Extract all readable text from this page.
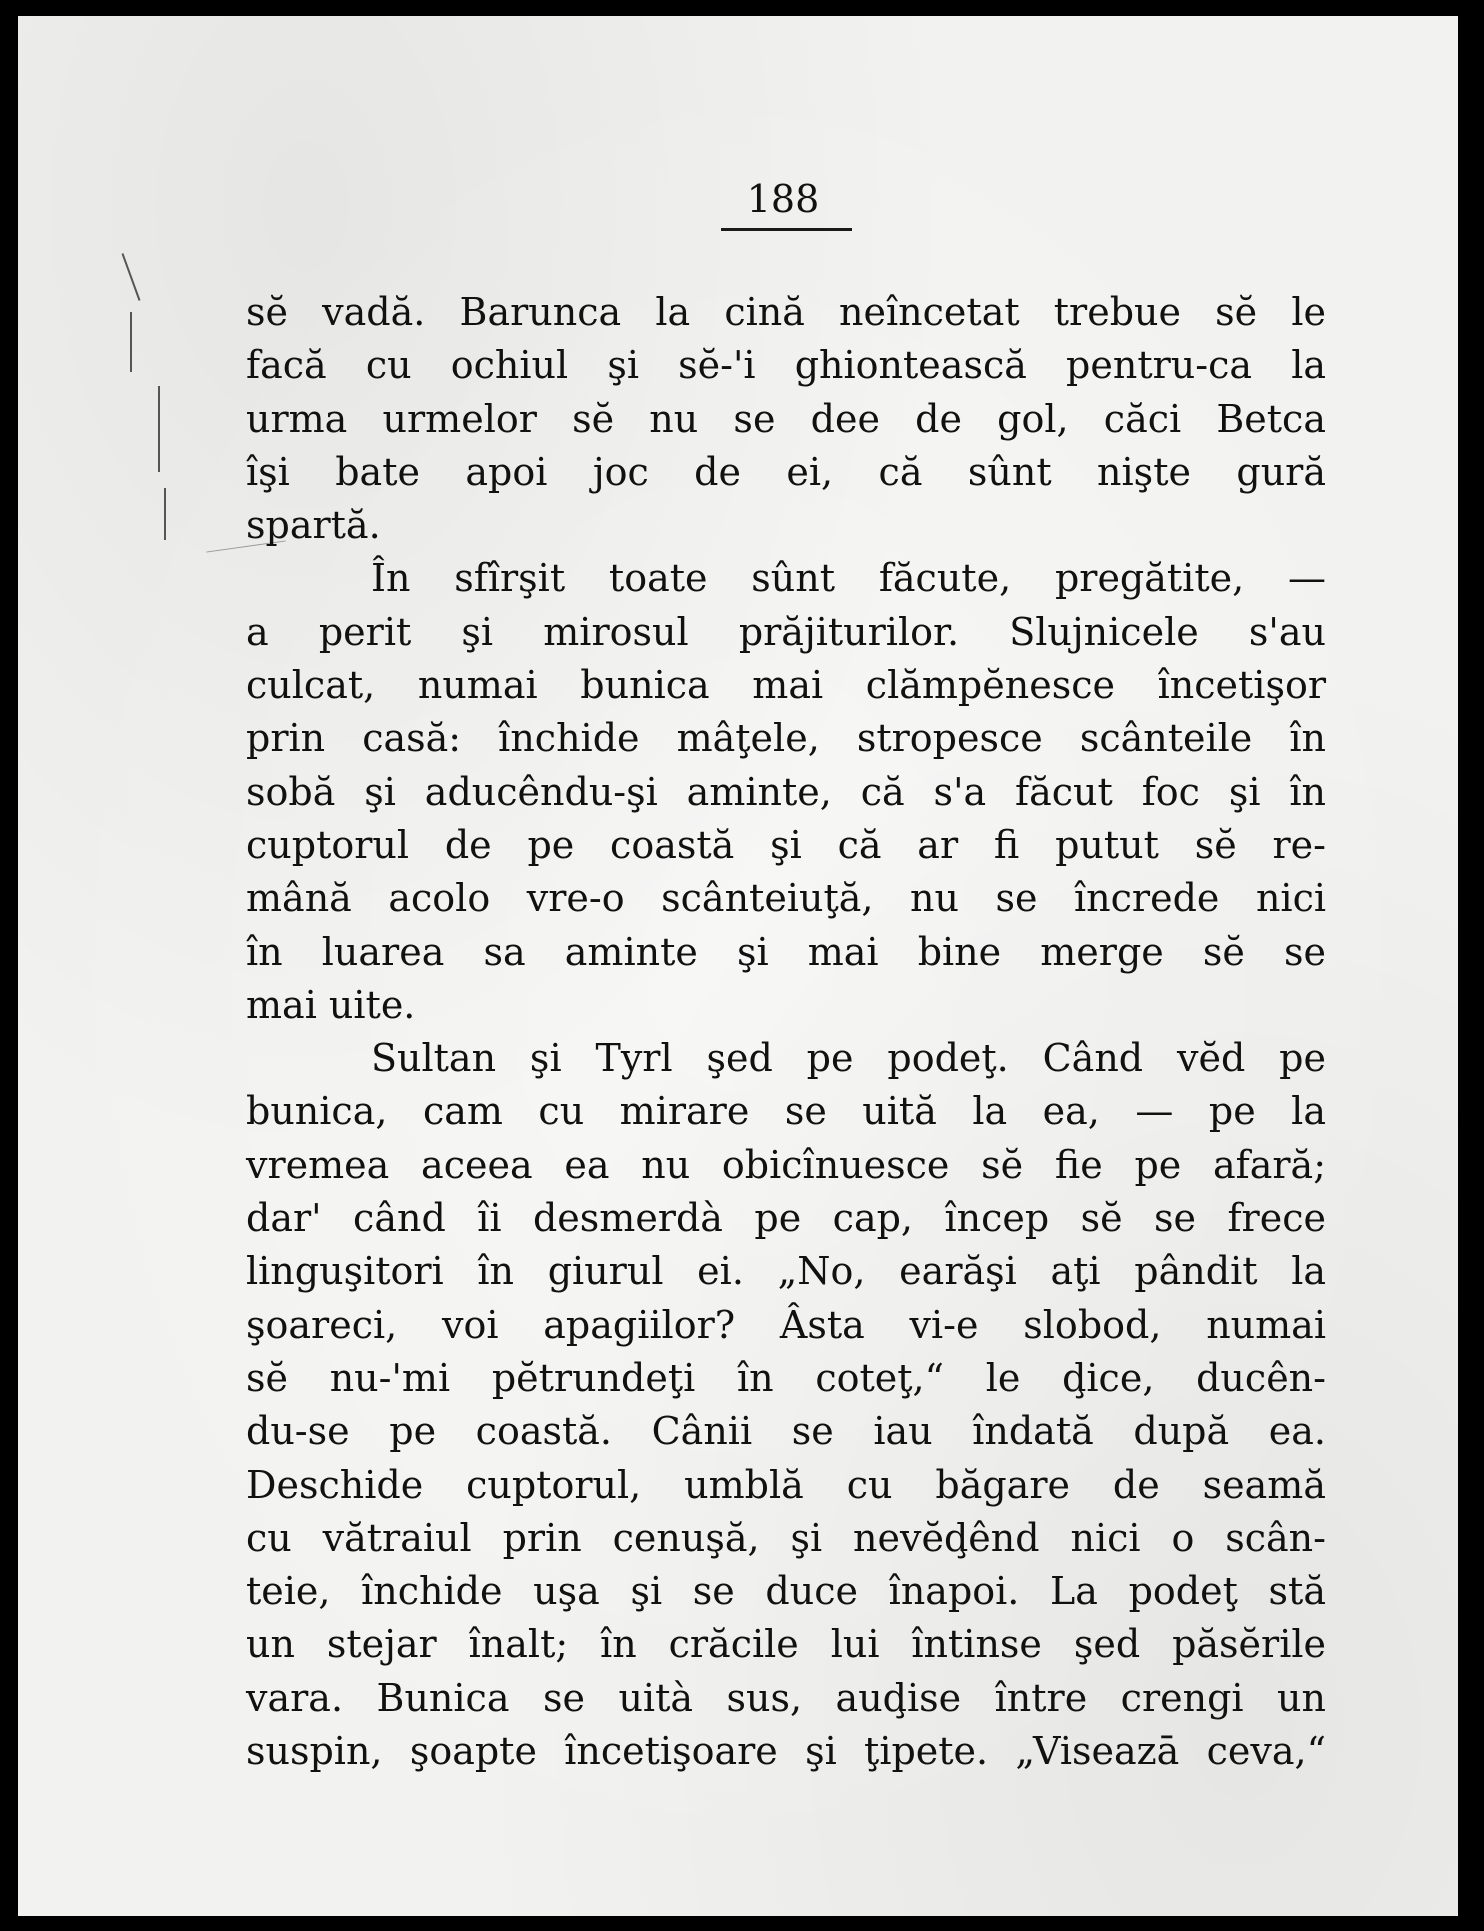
188
sĕ vadă. Barunca la cină neîncetat trebue sĕ le
facă cu ochiul şi sĕ-'i ghiontească pentru-ca la
urma urmelor sĕ nu se dee de gol, căci Betca
îşi bate apoi joc de ei, că sûnt nişte gură
spartă.
În sfîrşit toate sûnt făcute, pregătite, —
a perit şi mirosul prăjiturilor. Slujnicele s'au
culcat, numai bunica mai clămpĕnesce încetişor
prin casă: închide mâţele, stropesce scânteile în
sobă şi aducêndu-şi aminte, că s'a făcut foc şi în
cuptorul de pe coastă şi că ar fi putut sĕ re-
mână acolo vre-o scânteiuţă, nu se încrede nici
în luarea sa aminte şi mai bine merge sĕ se
mai uite.
Sultan şi Tyrl şed pe podeţ. Când vĕd pe
bunica, cam cu mirare se uită la ea, — pe la
vremea aceea ea nu obicînuesce sĕ fie pe afară;
dar' când îi desmerdà pe cap, încep sĕ se frece
linguşitori în giurul ei. „No, earăşi aţi pândit la
şoareci, voi apagiilor? Âsta vi-e slobod, numai
sĕ nu-'mi pĕtrundeţi în coteţ,“ le ḑice, ducên-
du-se pe coastă. Cânii se iau îndată după ea.
Deschide cuptorul, umblă cu băgare de seamă
cu vătraiul prin cenuşă, şi nevĕḑênd nici o scân-
teie, închide uşa şi se duce înapoi. La podeţ stă
un stejar înalt; în crăcile lui întinse şed păsĕrile
vara. Bunica se uità sus, auḑise între crengi un
suspin, şoapte încetişoare şi ţipete. „Viseazā ceva,“
